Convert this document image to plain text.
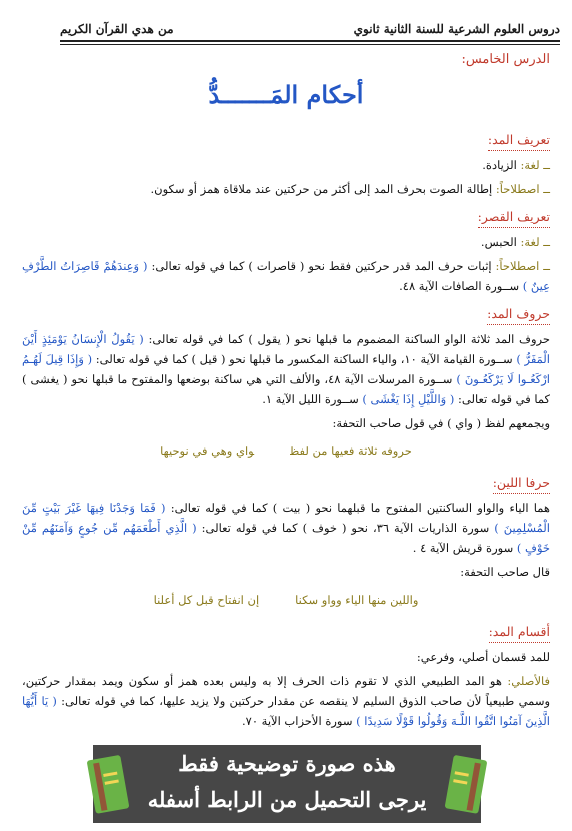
دروس العلوم الشرعية للسنة الثانية ثانوي
من هدي القرآن الكريم
الدرس الخامس:
أحكام المَـــــــدُّ
تعريف المد:
ــ لغة: الزيادة.
ــ اصطلاحاً: إطالة الصوت بحرف المد إلى أكثر من حركتين عند ملاقاة همز أو سكون.
تعريف القصر:
ــ لغة: الحبس.
ــ اصطلاحاً: إثبات حرف المد قدر حركتين فقط نحو ( قاصرات ) كما في قوله تعالى: ( وَعِندَهُمْ قَاصِرَاتُ الطَّرْفِ عِينٌ ) ســورة الصافات الآية ٤٨.
حروف المد:
حروف المد ثلاثة الواو الساكنة المضموم ما قبلها نحو ( يقول ) كما في قوله تعالى: ( يَقُولُ الْإِنسَانُ يَوْمَئِذٍ أَيْنَ الْمَفَرُّ ) ســورة القيامة الآية ١٠، والياء الساكنة المكسور ما قبلها نحو ( قيل ) كما في قوله تعالى: ( وَإِذَا قِيلَ لَهُـمُ ارْكَعُـوا لَا يَرْكَعُـونَ ) ســورة المرسلات الآية ٤٨، والألف التي هي ساكنة بوضعها والمفتوح ما قبلها نحو ( يغشى ) كما في قوله تعالى: ( وَاللَّيْلِ إِذَا يَغْشَى ) ســورة الليل الآية ١.
ويجمعهم لفظ ( واي ) في قول صاحب التحفة:
حروفه ثلاثة فعيها من لفظواي وهي في نوحيها
حرفا اللين:
هما الياء والواو الساكنتين المفتوح ما قبلهما نحو ( بيت ) كما في قوله تعالى: ( فَمَا وَجَدْنَا فِيهَا غَيْرَ بَيْتٍ مِّنَ الْمُسْلِمِينَ ) سورة الذاريات الآية ٣٦، نحو ( خوف ) كما في قوله تعالى: ( الَّذِي أَطْعَمَهُم مِّن جُوعٍ وَآمَنَهُم مِّنْ خَوْفٍ ) سورة قريش الآية ٤ .
قال صاحب التحفة:
واللين منها الياء وواو سكناإن انفتاح قبل كل أعلنا
أقسام المد:
للمد قسمان أصلي، وفرعي:
فالأصلي: هو المد الطبيعي الذي لا تقوم ذات الحرف إلا به وليس بعده همز أو سكون ويمد بمقدار حركتين، وسمي طبيعياً لأن صاحب الذوق السليم لا ينقصه عن مقدار حركتين ولا يزيد عليها، كما في قوله تعالى: ( يَا أَيُّهَا الَّذِينَ آمَنُوا اتَّقُوا اللَّـهَ وَقُولُوا قَوْلًا سَدِيدًا ) سورة الأحزاب الآية ٧٠.
هذه صورة توضيحية فقط
يرجى التحميل من الرابط أسفله
